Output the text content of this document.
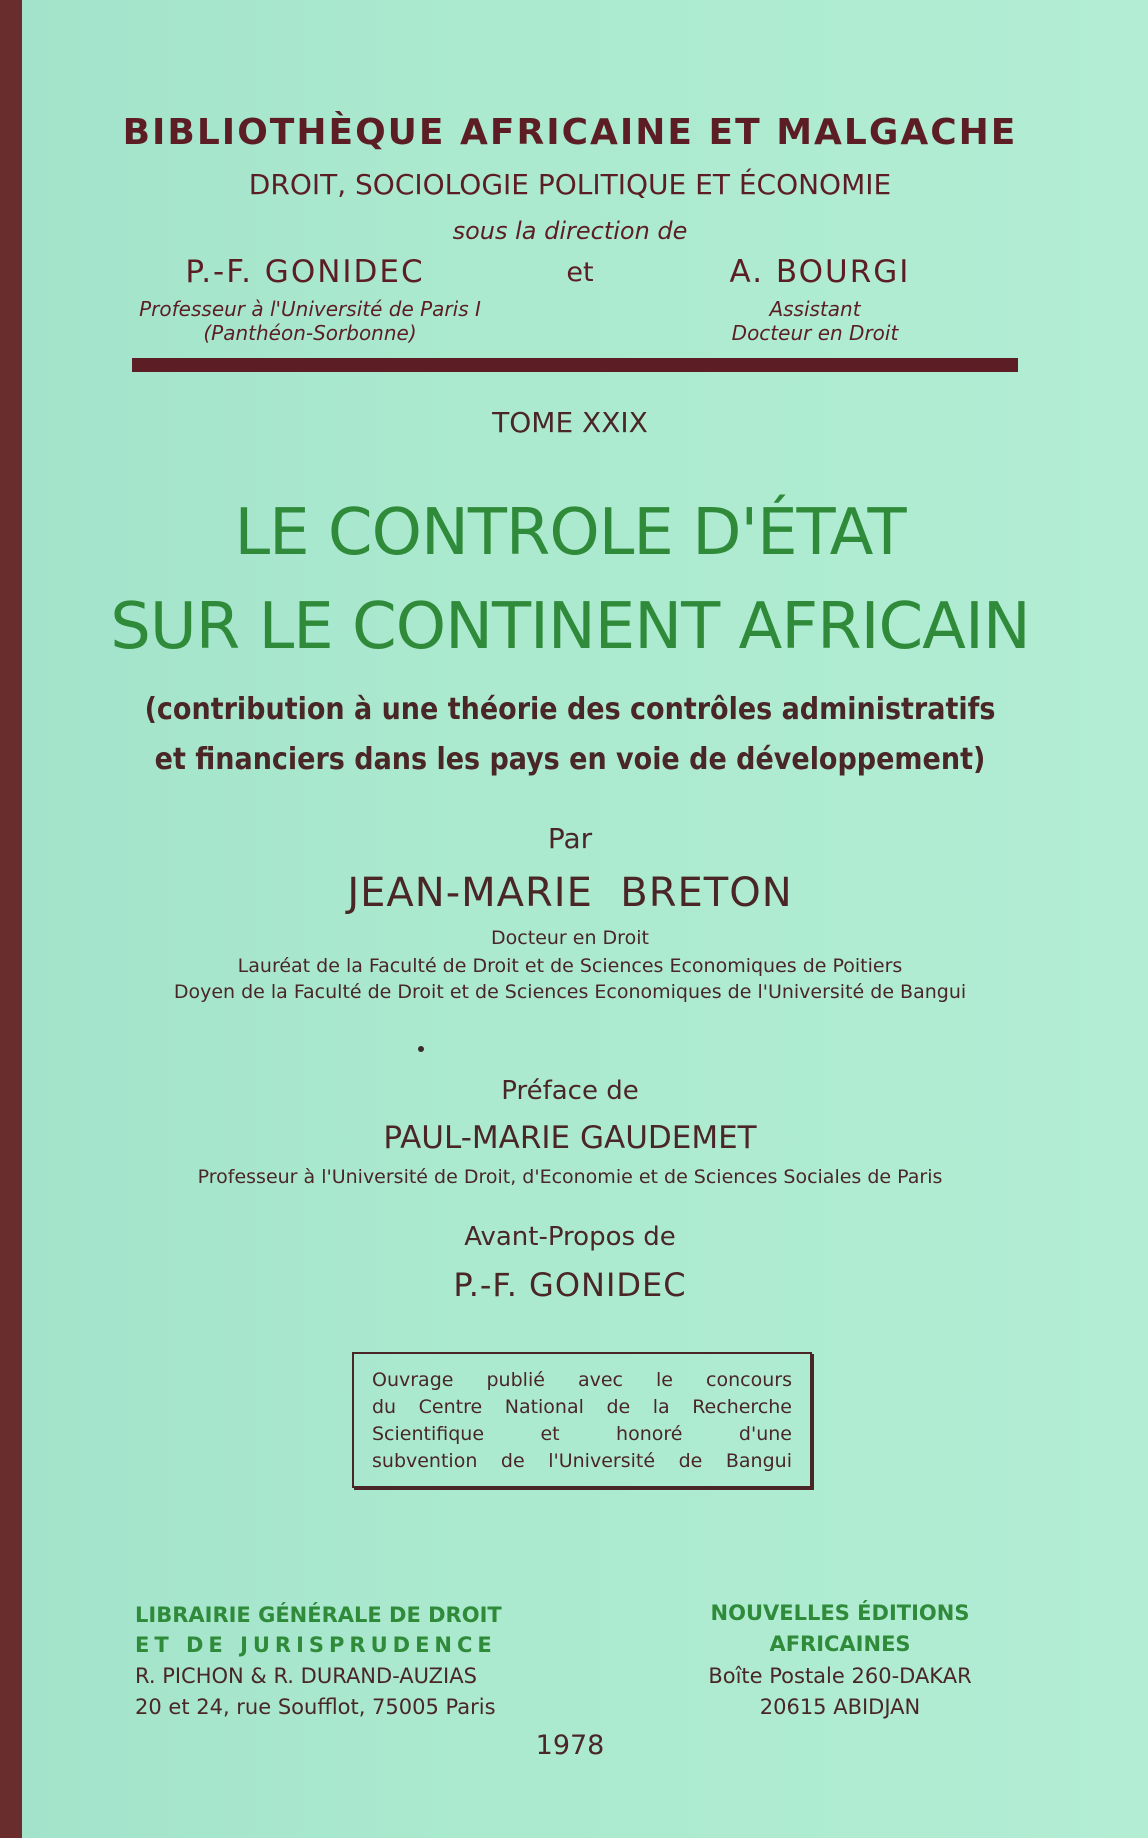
BIBLIOTHÈQUE AFRICAINE ET MALGACHE
DROIT, SOCIOLOGIE POLITIQUE ET ÉCONOMIE
sous la direction de
P.-F. GONIDEC	et	A. BOURGI
Professeur à l'Université de Paris I
(Panthéon-Sorbonne)
Assistant
Docteur en Droit
TOME XXIX
LE CONTROLE D'ÉTAT
SUR LE CONTINENT AFRICAIN
(contribution à une théorie des contrôles administratifs
et financiers dans les pays en voie de développement)
Par
JEAN-MARIE  BRETON
Docteur en Droit
Lauréat de la Faculté de Droit et de Sciences Economiques de Poitiers
Doyen de la Faculté de Droit et de Sciences Economiques de l'Université de Bangui
Préface de
PAUL-MARIE GAUDEMET
Professeur à l'Université de Droit, d'Economie et de Sciences Sociales de Paris
Avant-Propos de
P.-F. GONIDEC
Ouvrage publié avec le concours
du Centre National de la Recherche
Scientifique et honoré d'une
subvention de l'Université de Bangui
LIBRAIRIE GÉNÉRALE DE DROIT
ET DE JURISPRUDENCE
R. PICHON & R. DURAND-AUZIAS
20 et 24, rue Soufflot, 75005 Paris
NOUVELLES ÉDITIONS
AFRICAINES
Boîte Postale 260-DAKAR
20615 ABIDJAN
1978
